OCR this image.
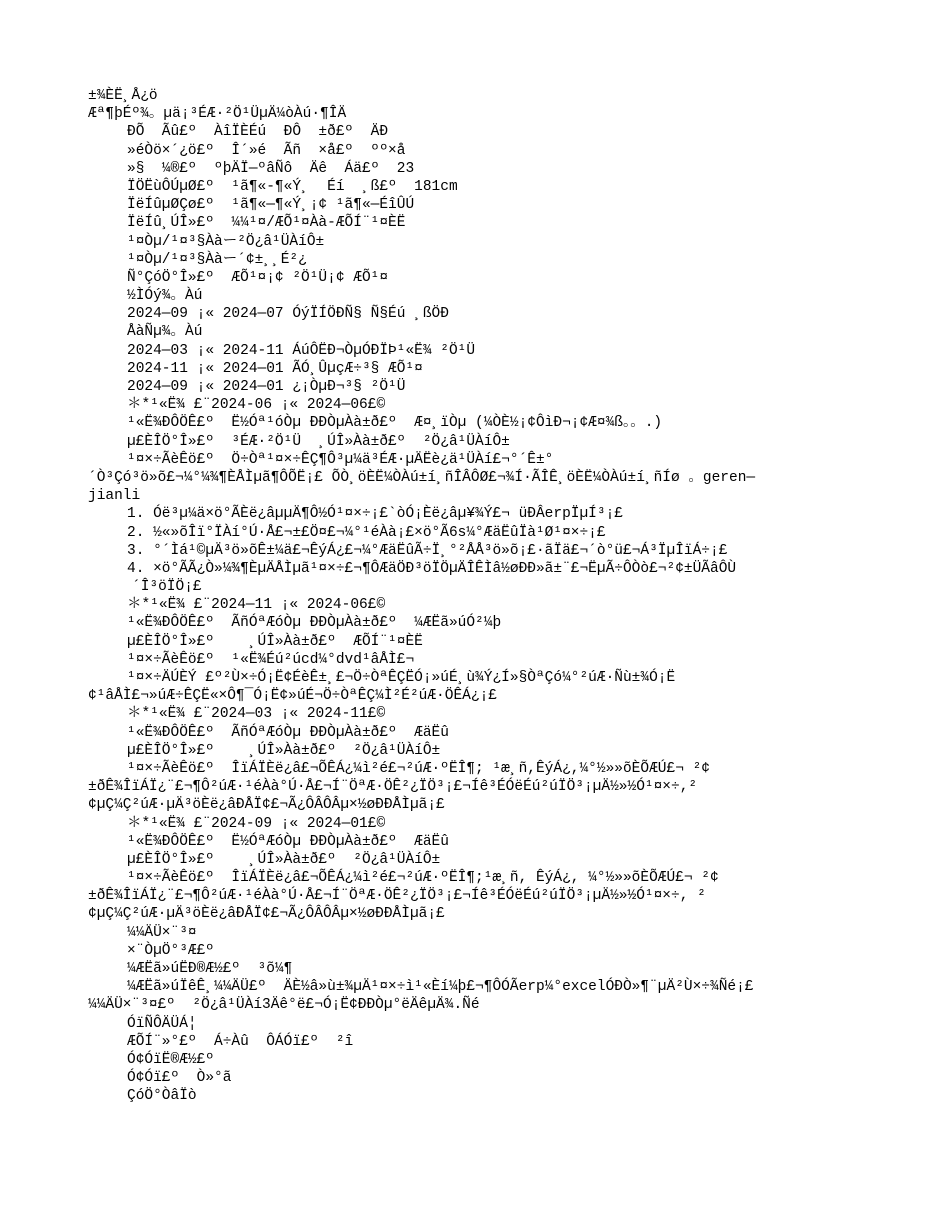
±¾ÈË¸Å¿ö
Æª¶þÉº¾。µä¡³ÉÆ·²Ö¹ÜµÄ¼òÀú·¶ÎÄ
ÐÕ  Ãû£º  ÀîÏÈÉú  ÐÔ  ±ð£º  ÄÐ
»éÒö×´¿ö£º  Î´»é  Ãñ  ×å£º  ºº×å
»§  ¼®£º  ºþÄÏ—ºâÑô  Äê  Áä£º  23
ÏÖËùÔÚµØ£º  ¹ã¶«-¶«Ý¸  Éí  ¸ß£º  181cm
ÏëÍûµØÇø£º  ¹ã¶«—¶«Ý¸¡¢ ¹ã¶«—ÉîÛÚ
ÏëÍû¸ÚÎ»£º  ¼¼¹¤/ÆÕ¹¤Àà-ÆÕÍ¨¹¤ÈË
¹¤Òµ/¹¤³§Ààー²Ö¿â¹ÜÀíÔ±
¹¤Òµ/¹¤³§Ààー´¢±¸¸É²¿
Ñ°ÇóÖ°Î»£º  ÆÕ¹¤¡¢ ²Ö¹Ü¡¢ ÆÕ¹¤
½ÌÓý¾。Àú
2024—09 ¡« 2024—07 ÓýÏÍÖÐÑ§ Ñ§Éú ¸ßÖÐ
ÅàÑµ¾。Àú
2024—03 ¡« 2024-11 ÁúÔËÐ¬ÒµÓÐÏÞ¹«Ë¾ ²Ö¹Ü
2024-11 ¡« 2024—01 ÃÓ¸ÛµçÆ÷³§ ÆÕ¹¤
2024—09 ¡« 2024—01 ¿¡ÒµÐ¬³§ ²Ö¹Ü
＊*¹«Ë¾ £¨2024-06 ¡« 2024—06£©
¹«Ë¾ÐÔÖÊ£º  Ë½Óª¹óÒµ ÐÐÒµÀà±ð£º  Æ¤¸ïÒµ (¼ÒÈ½¡¢ÔìÐ¬¡¢Æ¤¾ß。。.)
µ£ÈÎÖ°Î»£º  ³ÉÆ·²Ö¹Ü  ¸ÚÎ»Àà±ð£º  ²Ö¿â¹ÜÀíÔ±
¹¤×÷ÃèÊö£º  Ö÷Òª¹¤×÷ÊÇ¶Ô³µ¼ä³ÉÆ·µÄËè¿ä¹ÜÀí£¬°´Ê±°
´Ò³Çó³ö»õ£¬¼°¼¾¶ÈÅÌµã¶ÔÕË¡£ ÕÒ¸öÈË¼ÒÀú±í¸ñÎÂÔØ£¬¾Í·ÃÎÊ¸öÈË¼ÒÀú±í¸ñÍø 。geren—
jianli
1. Óë³µ¼ä×ö°ÃÈë¿âµµÄ¶Ô½Ó¹¤×÷¡£`òÓ¡Èë¿âµ¥¾Ý£¬ üÐÂerpÏµÍ³¡£
2. ½«»õÎï°ÏÀí°Ú·Å£¬±£Ö¤£¬¼°¹éÀà¡£×ö°Ã6s¼°ÆäËûÏà¹Ø¹¤×÷¡£
3. °´Ìá¹©µÄ³ö»õÊ±¼ä£¬ÊýÁ¿£¬¼°ÆäËûÃ÷Ï¸°²ÅÅ³ö»õ¡£·ãÏä£¬´ò°ü£¬Á³ÏµÎïÁ÷¡£
4. ×ö°ÃÃ¿Ò»¼¾¶ÈµÄÅÌµã¹¤×÷£¬¶ÔÆäÖÐ³öÏÖµÄÎÊÌâ½øÐÐ»ã±¨£¬ËµÃ÷ÔÒò£¬²¢±ÜÃâÔÙ
´Î³öÏÖ¡£
＊*¹«Ë¾ £¨2024—11 ¡« 2024-06£©
¹«Ë¾ÐÔÖÊ£º  ÃñÓªÆóÒµ ÐÐÒµÀà±ð£º  ¼ÆËã»úÓ²¼þ
µ£ÈÎÖ°Î»£º    ¸ÚÎ»Àà±ð£º  ÆÕÍ¨¹¤ÈË
¹¤×÷ÃèÊö£º  ¹«Ë¾Éú²úcd¼°dvd¹âÅÌ£¬
¹¤×÷ÄÚÈÝ £º²Ù×÷Ó¡Ë¢ÉèÊ±¸£¬Ö÷ÒªÊÇËÓ¡»úÉ¸ù¾Ý¿Í»§ÒªÇó¼°²úÆ·Ñù±¾Ó¡Ë
¢¹âÅÌ£¬»úÆ÷ÊÇË«×Ô¶¯Ó¡Ë¢»úÉ¬Ö÷ÒªÊÇ¼Ì²É²úÆ·ÖÊÁ¿¡£
＊*¹«Ë¾ £¨2024—03 ¡« 2024-11£©
¹«Ë¾ÐÔÖÊ£º  ÃñÓªÆóÒµ ÐÐÒµÀà±ð£º  ÆäËû
µ£ÈÎÖ°Î»£º    ¸ÚÎ»Àà±ð£º  ²Ö¿â¹ÜÀíÔ±
¹¤×÷ÃèÊö£º  ÎïÁÏÈë¿â£¬ÕÊÁ¿¼ì²é£¬²úÆ·ºËÎ¶; ¹æ¸ñ,ÊýÁ¿,¼°½»»õÈÕÆÚ£¬ ²¢
±ðÊ¾ÎïÁÏ¿¨£¬¶Ô²úÆ·¹éÀà°Ú·Å£¬Í¨ÖªÆ·ÖÊ²¿ÏÖ³¡£¬Íê³ÉÓëÉú²úÏÖ³¡µÄ½»½Ó¹¤×÷,²
¢µÇ¼Ç²úÆ·µÄ³öÈë¿âÐÅÏ¢£¬Ã¿ÔÂÔÂµ×½øÐÐÅÌµã¡£
＊*¹«Ë¾ £¨2024-09 ¡« 2024—01£©
¹«Ë¾ÐÔÖÊ£º  Ë½ÓªÆóÒµ ÐÐÒµÀà±ð£º  ÆäËû
µ£ÈÎÖ°Î»£º    ¸ÚÎ»Àà±ð£º  ²Ö¿â¹ÜÀíÔ±
¹¤×÷ÃèÊö£º  ÎïÁÏÈë¿â£¬ÕÊÁ¿¼ì²é£¬²úÆ·ºËÎ¶;¹æ¸ñ, ÊýÁ¿, ¼°½»»õÈÕÆÚ£¬ ²¢
±ðÊ¾ÎïÁÏ¿¨£¬¶Ô²úÆ·¹éÀà°Ú·Å£¬Í¨ÖªÆ·ÖÊ²¿ÏÖ³¡£¬Íê³ÉÓëÉú²úÏÖ³¡µÄ½»½Ó¹¤×÷, ²
¢µÇ¼Ç²úÆ·µÄ³öÈë¿âÐÅÏ¢£¬Ã¿ÔÂÔÂµ×½øÐÐÅÌµã¡£
¼¼ÄÜ×¨³¤
×¨ÒµÖ°³Æ£º
¼ÆËã»úËÐ®Æ½£º  ³õ¼¶
¼ÆËã»úÏêÊ¸¼¼ÄÜ£º  ÄÈ½â»ù±¾µÄ¹¤×÷ì¹«Èí¼þ£¬¶ÔÓÃerp¼°excelÓÐÒ»¶¨µÄ²Ù×÷¾Ñé¡£
¼¼ÄÜ×¨³¤£º  ²Ö¿â¹ÜÀí3Äê°ë£¬Ó¡Ë¢ÐÐÒµ°ëÄêµÄ¾.Ñé
ÓïÑÔÄÜÁ¦
ÆÕÍ¨»°£º  Á÷Àû  ÔÁÓï£º  ²î
Ó¢ÓïË®Æ½£º
Ó¢Óï£º  Ò»°ã
ÇóÖ°ÒâÏò
